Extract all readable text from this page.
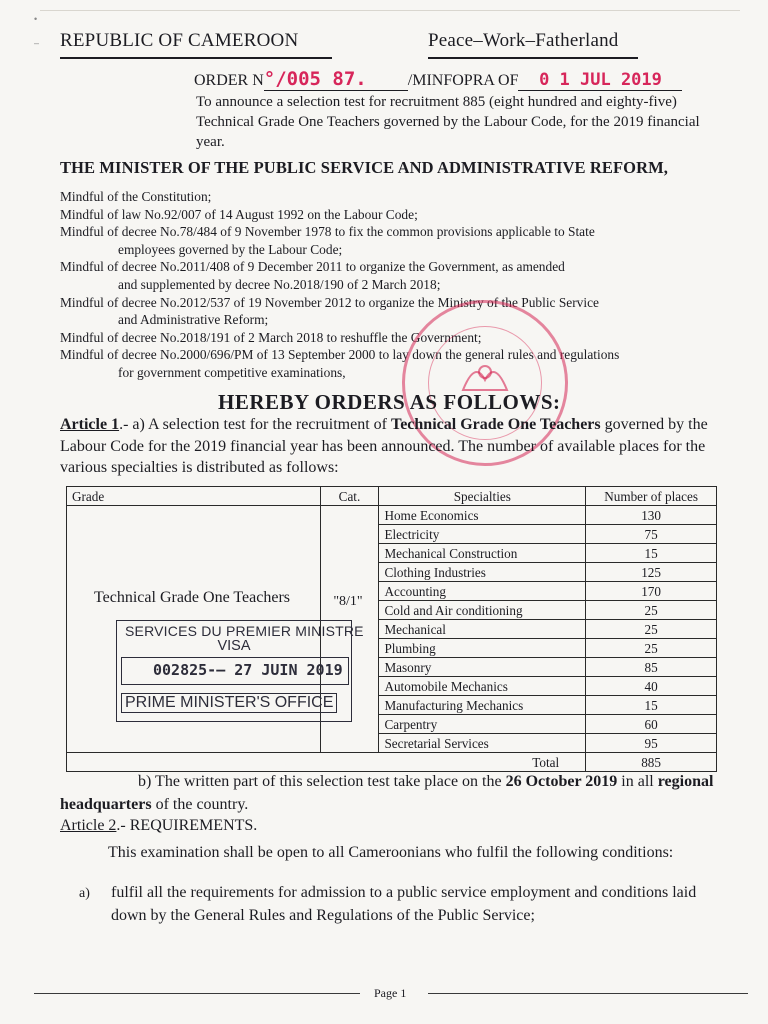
•
– REPUBLIC OF CAMEROON	Peace–Work–Fatherland
ORDER N°/005 87.	/MINFOPRA OF 0 1 JUL 2019
To announce a selection test for recruitment 885 (eight hundred and eighty-five) Technical Grade One Teachers governed by the Labour Code, for the 2019 financial year.
THE MINISTER OF THE PUBLIC SERVICE AND ADMINISTRATIVE REFORM,

Mindful of the Constitution;

Mindful of law No.92/007 of 14 August 1992 on the Labour Code;

Mindful of decree No.78/484 of 9 November 1978 to fix the common provisions applicable to State

employees governed by the Labour Code;

Mindful of decree No.2011/408 of 9 December 2011 to organize the Government, as amended

and supplemented by decree No.2018/190 of 2 March 2018;

Mindful of decree No.2012/537 of 19 November 2012 to organize the Ministry of the Public Service

and Administrative Reform;

Mindful of decree No.2018/191 of 2 March 2018 to reshuffle the Government;

Mindful of decree No.2000/696/PM of 13 September 2000 to lay down the general rules and regulations

for government competitive examinations,

HEREBY ORDERS AS FOLLOWS:
Article 1.- a) A selection test for the recruitment of Technical Grade One Teachers governed by the Labour Code for the 2019 financial year has been announced. The number of available places for the various specialties is distributed as follows:
Grade	Cat.	Specialties	Number of places
		Home Economics	130
		Electricity	75
		Mechanical Construction	15
		Clothing Industries	125
		Accounting	170
		Cold and Air conditioning	25
		Mechanical	25
		Plumbing	25
		Masonry	85
		Automobile Mechanics	40
		Manufacturing Mechanics	15
		Carpentry	60
		Secretarial Services	95
Total			885
Technical Grade One Teachers	"8/1"
SERVICES DU PREMIER MINISTRE
VISA
002825-— 27 JUIN 2019
PRIME MINISTER'S OFFICE
b) The written part of this selection test take place on the 26 October 2019 in all regional headquarters of the country.
Article 2.- REQUIREMENTS.
This examination shall be open to all Cameroonians who fulfil the following conditions:
a)	fulfil all the requirements for admission to a public service employment and conditions laid down by the General Rules and Regulations of the Public Service;
Page 1
